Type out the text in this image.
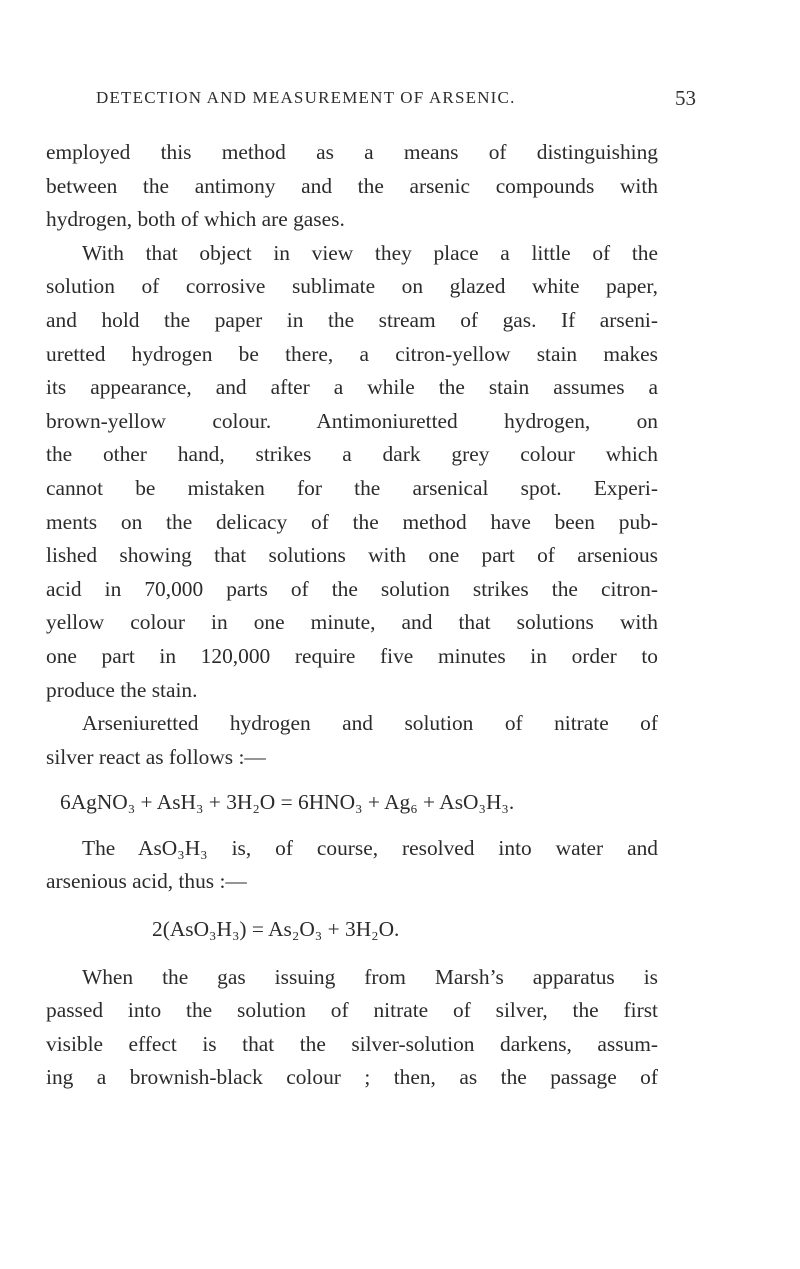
DETECTION AND MEASUREMENT OF ARSENIC.	53
employed this method as a means of distinguishing
between the antimony and the arsenic compounds with
hydrogen, both of which are gases.
With that object in view they place a little of the
solution of corrosive sublimate on glazed white paper,
and hold the paper in the stream of gas. If arseni-
uretted hydrogen be there, a citron-yellow stain makes
its appearance, and after a while the stain assumes a
brown-yellow colour. Antimoniuretted hydrogen, on
the other hand, strikes a dark grey colour which
cannot be mistaken for the arsenical spot. Experi-
ments on the delicacy of the method have been pub-
lished showing that solutions with one part of arsenious
acid in 70,000 parts of the solution strikes the citron-
yellow colour in one minute, and that solutions with
one part in 120,000 require five minutes in order to
produce the stain.
Arseniuretted hydrogen and solution of nitrate of
silver react as follows :—
6AgNO₃ + AsH₃ + 3H₂O = 6HNO₃ + Ag₆ + AsO₃H₃.
The AsO₃H₃ is, of course, resolved into water and
arsenious acid, thus :—
2(AsO₃H₃) = As₂O₃ + 3H₂O.
When the gas issuing from Marsh’s apparatus is
passed into the solution of nitrate of silver, the first
visible effect is that the silver-solution darkens, assum-
ing a brownish-black colour ; then, as the passage of
